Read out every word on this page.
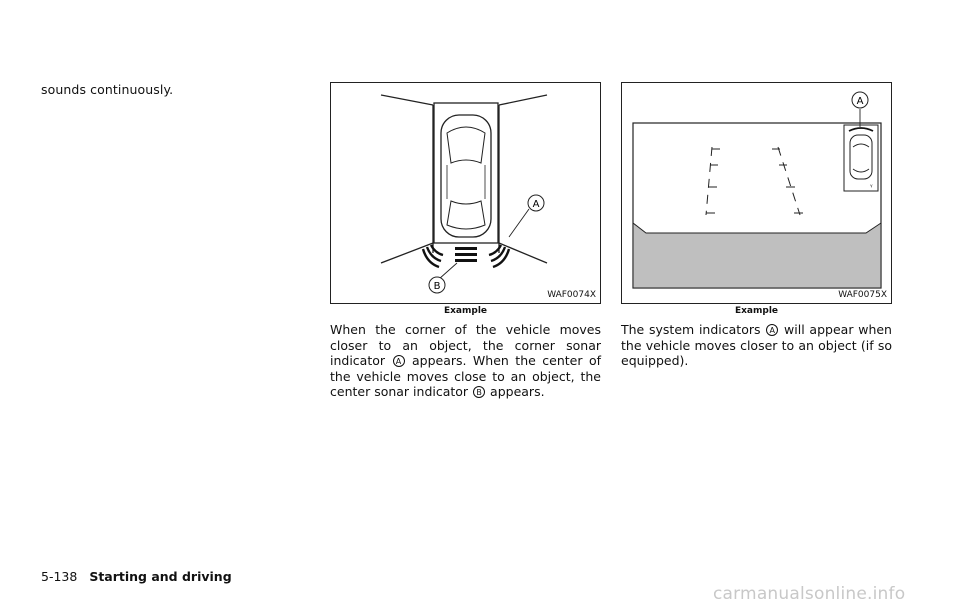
sounds continuously.
A
B
WAF0074X
Example
When the corner of the vehicle moves closer to an object, the corner sonar indicator A appears. When the center of the vehicle moves close to an object, the center sonar indicator B appears.
ᵞ
A
WAF0075X
Example
The system indicators A will appear when the vehicle moves closer to an object (if so equipped).
5-138 Starting and driving
carmanualsonline.info
